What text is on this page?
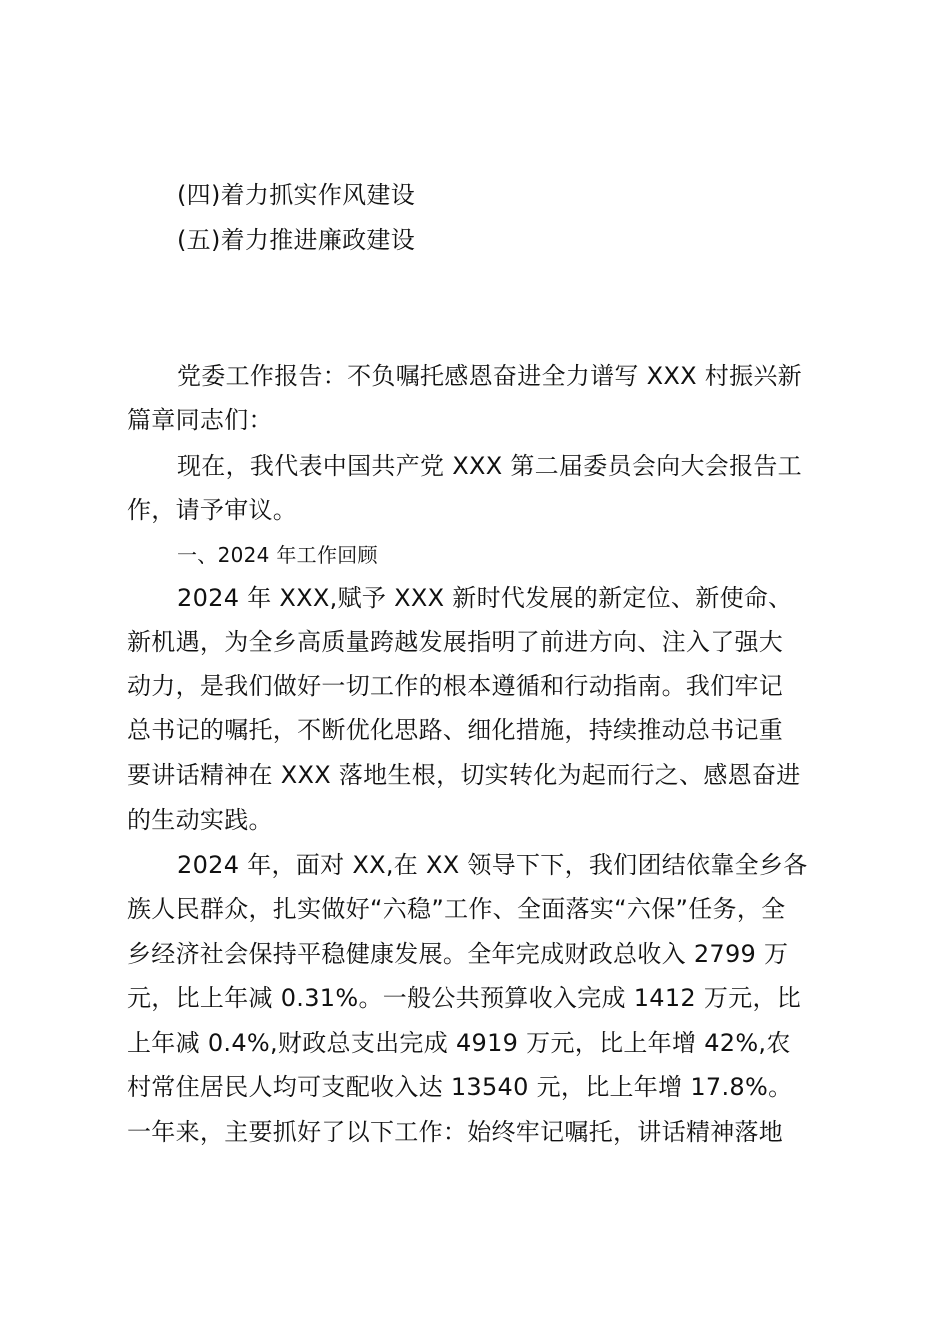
(四)着力抓实作风建设
(五)着力推进廉政建设
党委工作报告：不负嘱托感恩奋进全力谱写 XXX 村振兴新
篇章同志们：
现在，我代表中国共产党 XXX 第二届委员会向大会报告工
作，请予审议。
一、2024 年工作回顾
2024 年 XXX,赋予 XXX 新时代发展的新定位、新使命、
新机遇，为全乡高质量跨越发展指明了前进方向、注入了强大
动力，是我们做好一切工作的根本遵循和行动指南。我们牢记
总书记的嘱托，不断优化思路、细化措施，持续推动总书记重
要讲话精神在 XXX 落地生根，切实转化为起而行之、感恩奋进
的生动实践。
2024 年，面对 XX,在 XX 领导下下，我们团结依靠全乡各
族人民群众，扎实做好“六稳”工作、全面落实“六保”任务，全
乡经济社会保持平稳健康发展。全年完成财政总收入 2799 万
元，比上年减 0.31%。一般公共预算收入完成 1412 万元，比
上年减 0.4%,财政总支出完成 4919 万元，比上年增 42%,农
村常住居民人均可支配收入达 13540 元，比上年增 17.8%。
一年来，主要抓好了以下工作：始终牢记嘱托，讲话精神落地
